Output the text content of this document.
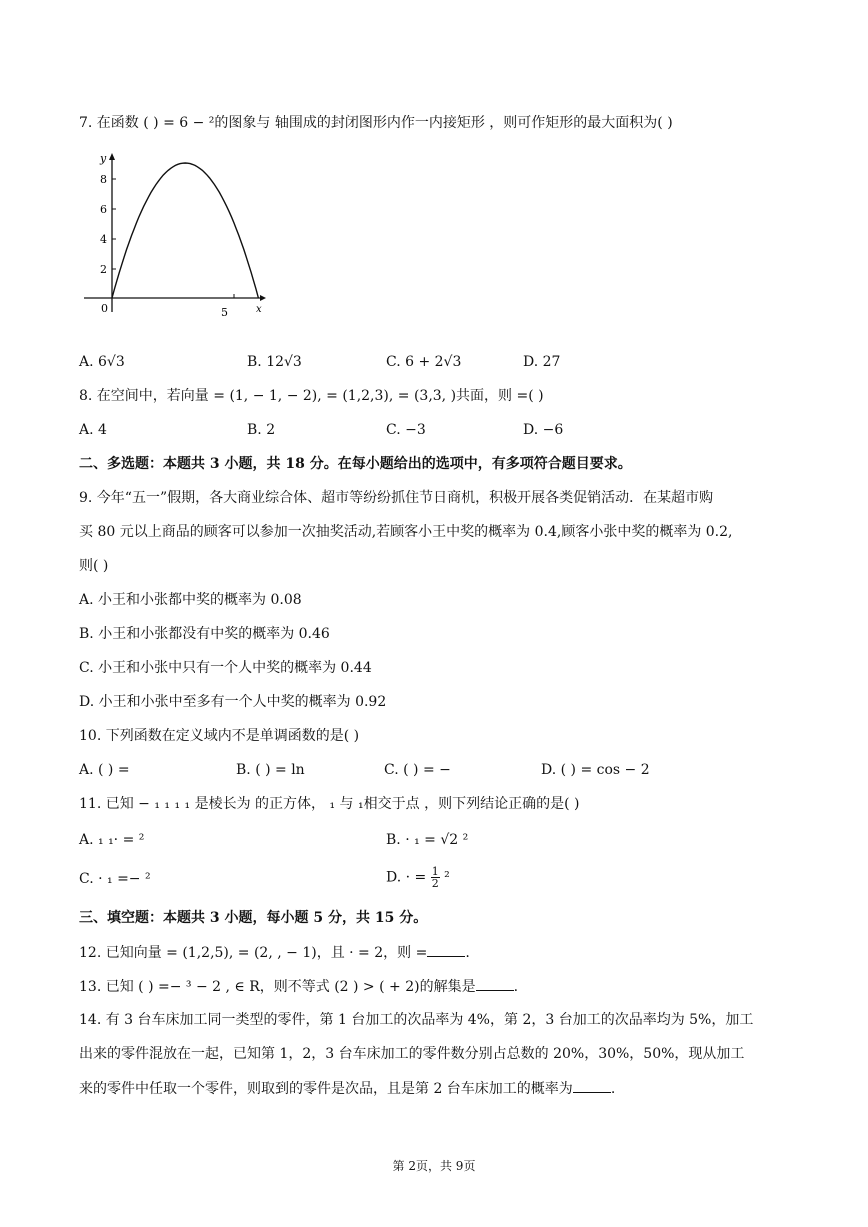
7. 在函数 ( ) = 6 − ²的图象与 轴围成的封闭图形内作一内接矩形 ，则可作矩形的最大面积为( )
y
x
0
8
6
4
2
5
A. 6√3	B. 12√3	C. 6 + 2√3	D. 27
8. 在空间中，若向量 = (1, − 1, − 2), = (1,2,3), = (3,3, )共面，则 =( )
A. 4	B. 2	C. −3	D. −6
二、多选题：本题共 3 小题，共 18 分。在每小题给出的选项中，有多项符合题目要求。
9. 今年“五一”假期，各大商业综合体、超市等纷纷抓住节日商机，积极开展各类促销活动．在某超市购
买 80 元以上商品的顾客可以参加一次抽奖活动,若顾客小王中奖的概率为 0.4,顾客小张中奖的概率为 0.2,
则( )
A. 小王和小张都中奖的概率为 0.08
B. 小王和小张都没有中奖的概率为 0.46
C. 小王和小张中只有一个人中奖的概率为 0.44
D. 小王和小张中至多有一个人中奖的概率为 0.92
10. 下列函数在定义域内不是单调函数的是( )
A. ( ) =	B. ( ) = ln	C. ( ) = −	D. ( ) = cos − 2
11. 已知 − ₁ ₁ ₁ ₁ 是棱长为 的正方体， ₁ 与 ₁相交于点 ，则下列结论正确的是( )
A. ₁ ₁· = ²	B. · ₁ = √2 ²
C. · ₁ =− ²	D. · = $\frac{1}{2} ^2$
三、填空题：本题共 3 小题，每小题 5 分，共 15 分。
12. 已知向量 = (1,2,5), = (2, , − 1)，且 · = 2，则 =	.
13. 已知 ( ) =− ³ − 2 , ∈ R，则不等式 (2 ) > ( + 2)的解集是	.
14. 有 3 台车床加工同一类型的零件，第 1 台加工的次品率为 4%，第 2，3 台加工的次品率均为 5%，加工
出来的零件混放在一起，已知第 1，2，3 台车床加工的零件数分别占总数的 20%，30%，50%，现从加工
来的零件中任取一个零件，则取到的零件是次品，且是第 2 台车床加工的概率为	.
第 2页，共 9页
